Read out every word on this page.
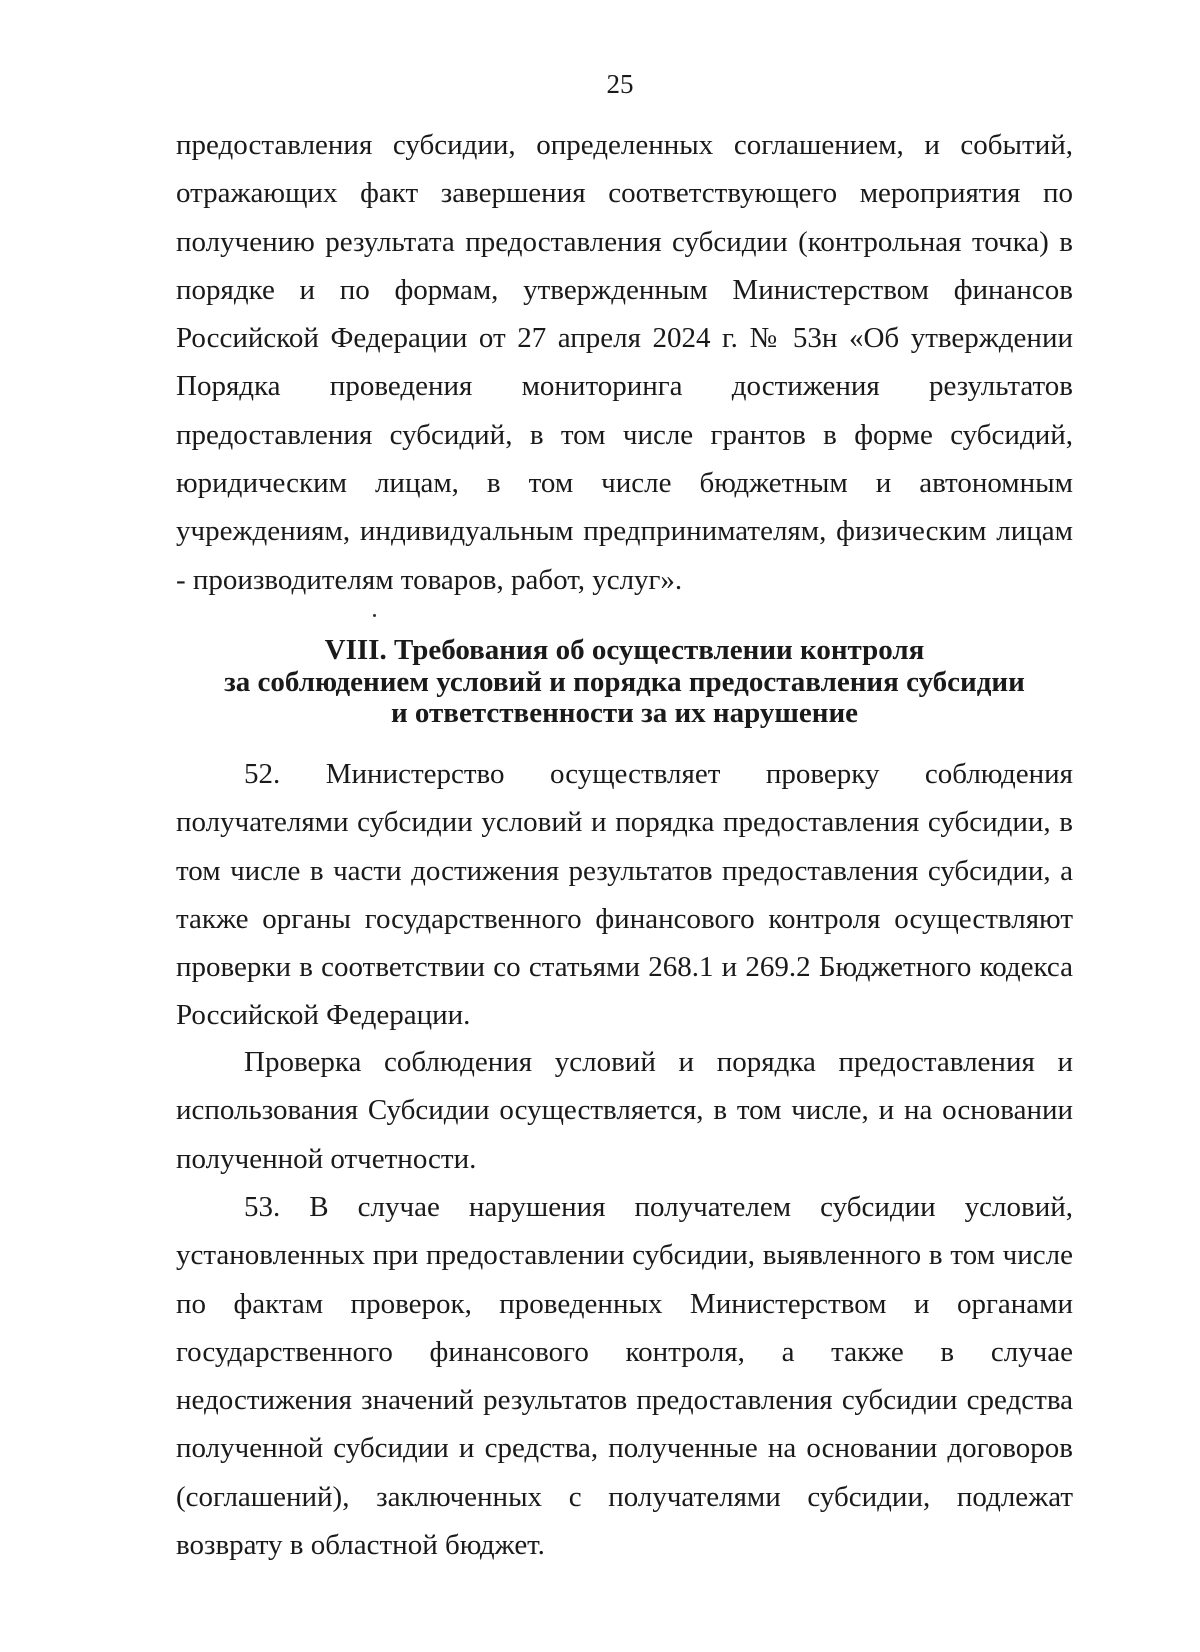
25

предоставления субсидии, определенных соглашением, и событий, отражающих факт завершения соответствующего мероприятия по получению результата предоставления субсидии (контрольная точка) в порядке и по формам, утвержденным Министерством финансов Российской Федерации от 27 апреля 2024 г. № 53н «Об утверждении Порядка проведения мониторинга достижения результатов предоставления субсидий, в том числе грантов в форме субсидий, юридическим лицам, в том числе бюджетным и автономным учреждениям, индивидуальным предпринимателям, физическим лицам - производителям товаров, работ, услуг».

VIII. Требования об осуществлении контроля
за соблюдением условий и порядка предоставления субсидии
и ответственности за их нарушение

52. Министерство осуществляет проверку соблюдения получателями субсидии условий и порядка предоставления субсидии, в том числе в части достижения результатов предоставления субсидии, а также органы государственного финансового контроля осуществляют проверки в соответствии со статьями 268.1 и 269.2 Бюджетного кодекса Российской Федерации.

Проверка соблюдения условий и порядка предоставления и использования Субсидии осуществляется, в том числе, и на основании полученной отчетности.

53. В случае нарушения получателем субсидии условий, установленных при предоставлении субсидии, выявленного в том числе по фактам проверок, проведенных Министерством и органами государственного финансового контроля, а также в случае недостижения значений результатов предоставления субсидии средства полученной субсидии и средства, полученные на основании договоров (соглашений), заключенных с получателями субсидии, подлежат возврату в областной бюджет.
